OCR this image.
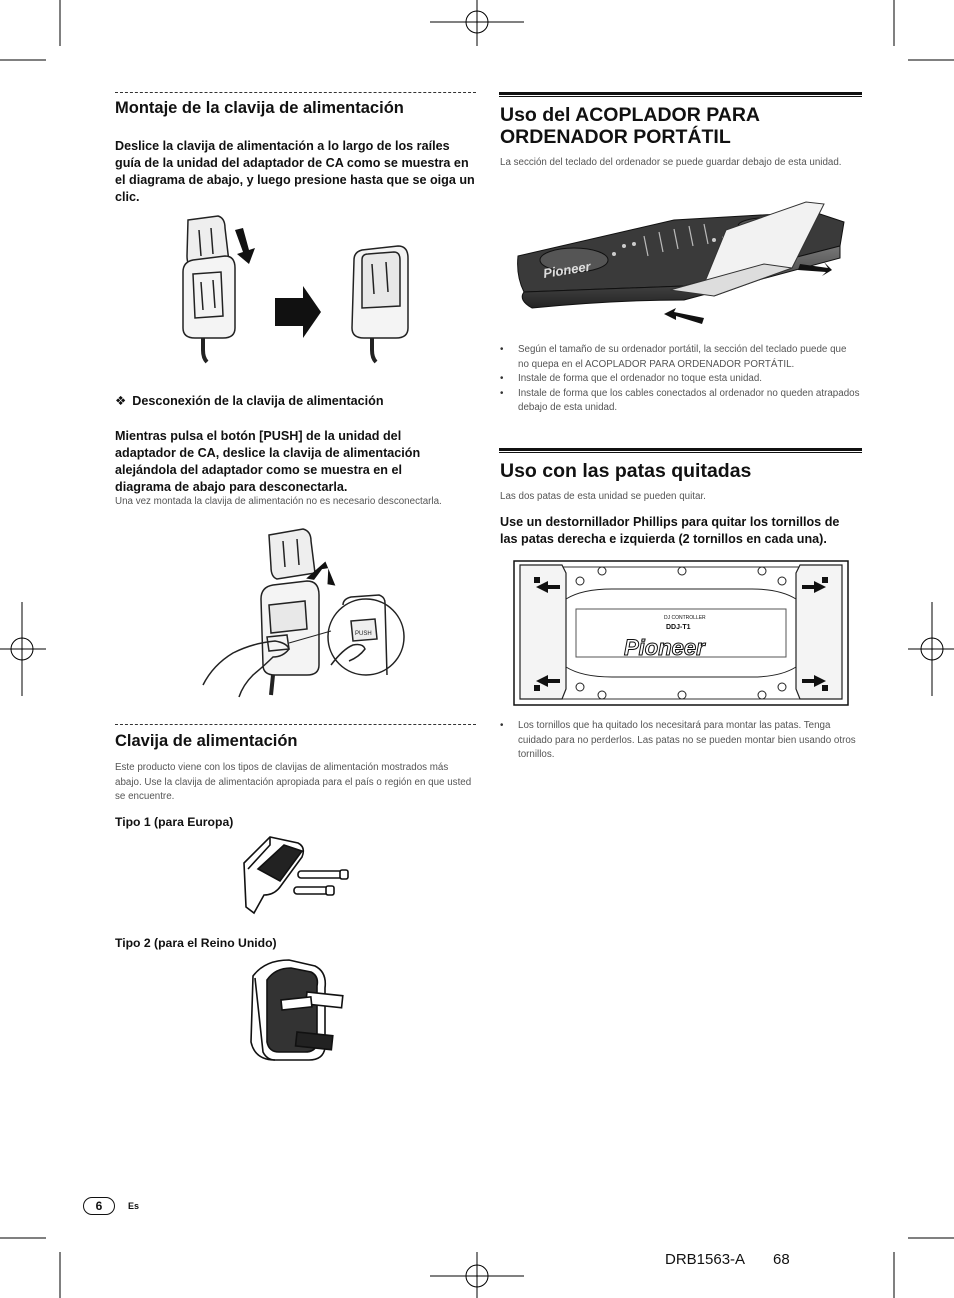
Montaje de la clavija de alimentación

Deslice la clavija de alimentación a lo largo de los raíles guía de la unidad del adaptador de CA como se muestra en el diagrama de abajo, y luego presione hasta que se oiga un clic.

❖ Desconexión de la clavija de alimentación

Mientras pulsa el botón [PUSH] de la unidad del adaptador de CA, deslice la clavija de alimentación alejándola del adaptador como se muestra en el diagrama de abajo para desconectarla.

Una vez montada la clavija de alimentación no es necesario desconectarla.

PUSH
Clavija de alimentación

Este producto viene con los tipos de clavijas de alimentación mostrados más abajo. Use la clavija de alimentación apropiada para el país o región en que usted se encuentre.

Tipo 1 (para Europa)

Tipo 2 (para el Reino Unido)

Uso del ACOPLADOR PARA ORDENADOR PORTÁTIL

La sección del teclado del ordenador se puede guardar debajo de esta unidad.

Pioneer
• Según el tamaño de su ordenador portátil, la sección del teclado puede que no quepa en el ACOPLADOR PARA ORDENADOR PORTÁTIL.
• Instale de forma que el ordenador no toque esta unidad.
• Instale de forma que los cables conectados al ordenador no queden atrapados debajo de esta unidad.
Uso con las patas quitadas

Las dos patas de esta unidad se pueden quitar.

Use un destornillador Phillips para quitar los tornillos de las patas derecha e izquierda (2 tornillos en cada una).

DJ CONTROLLER
DDJ-T1
Pioneer
• Los tornillos que ha quitado los necesitará para montar las patas. Tenga cuidado para no perderlos. Las patas no se pueden montar bien usando otros tornillos.
6	Es
DRB1563-A 68
